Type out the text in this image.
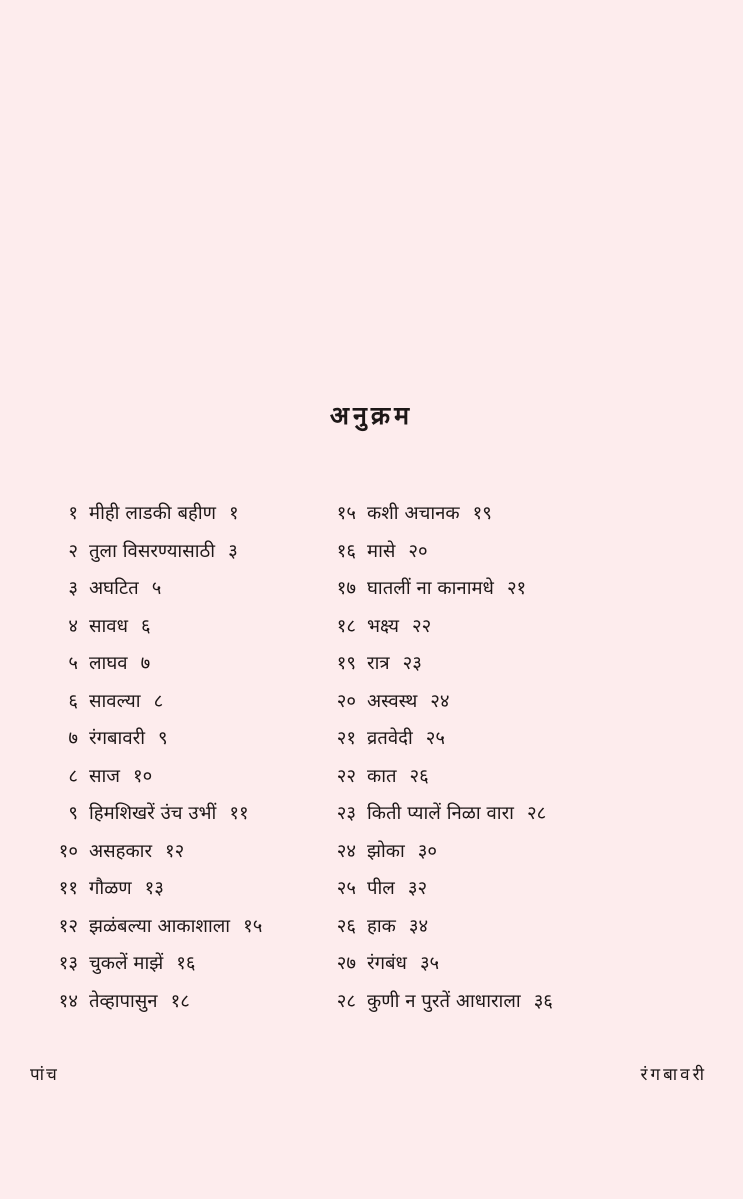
अनुक्रम
१ मीही लाडकी बहीण १
२ तुला विसरण्यासाठी ३
३ अघटित ५
४ सावध ६
५ लाघव ७
६ सावल्या ८
७ रंगबावरी ९
८ साज १०
९ हिमशिखरें उंच उभीं ११
१० असहकार १२
११ गौळण १३
१२ झळंबल्या आकाशाला १५
१३ चुकलें माझें १६
१४ तेव्हापासुन १८
१५ कशी अचानक १९
१६ मासे २०
१७ घातलीं ना कानामधे २१
१८ भक्ष्य २२
१९ रात्र २३
२० अस्वस्थ २४
२१ व्रतवेदी २५
२२ कात २६
२३ किती प्यालें निळा वारा २८
२४ झोका ३०
२५ पील ३२
२६ हाक ३४
२७ रंगबंध ३५
२८ कुणी न पुरतें आधाराला ३६
पांच	रंगबावरी
